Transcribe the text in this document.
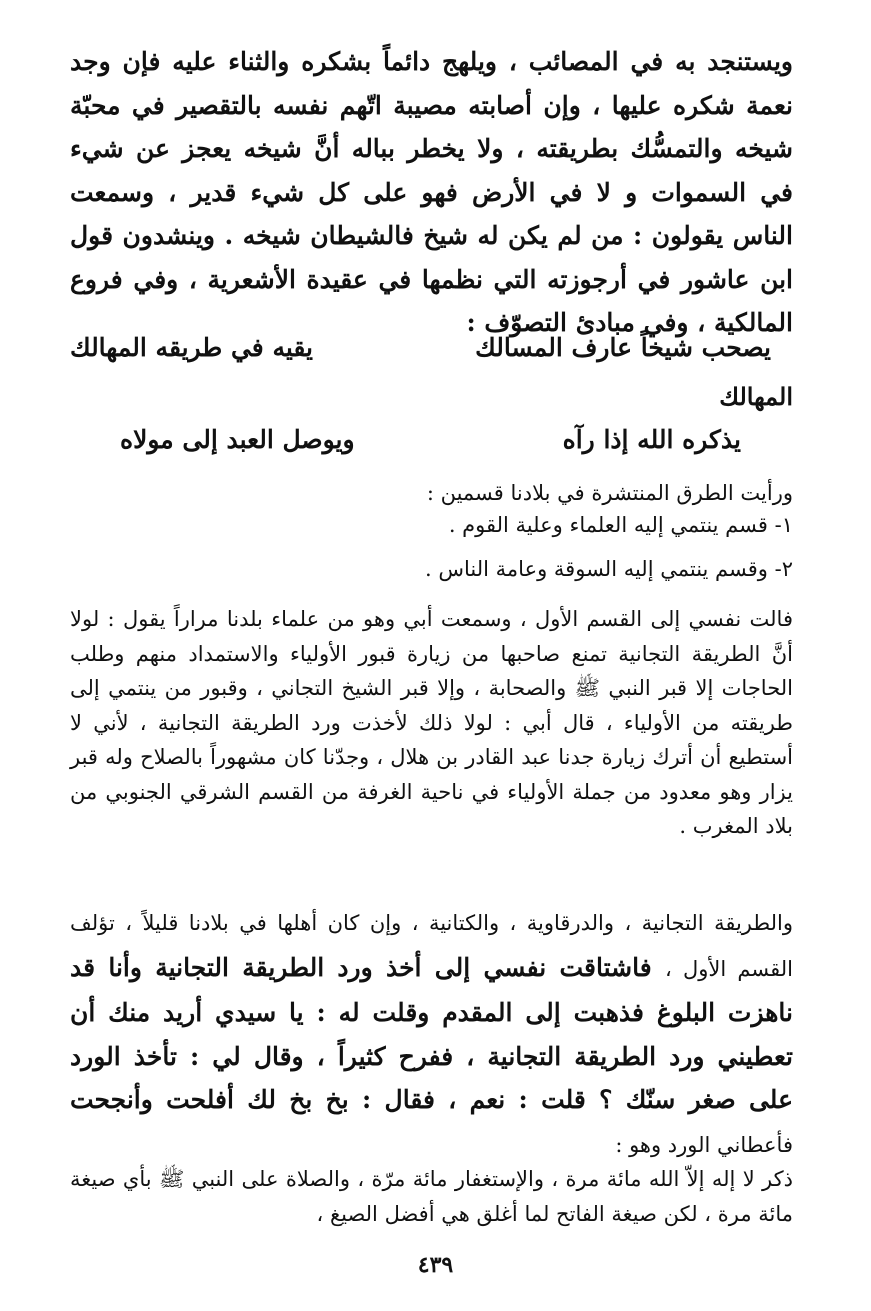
ويستنجد به في المصائب ، ويلهج دائماً بشكره والثناء عليه فإن وجد نعمة شكره عليها ، وإن أصابته مصيبة اتّهم نفسه بالتقصير في محبّة شيخه والتمسُّك بطريقته ، ولا يخطر بباله أنَّ شيخه يعجز عن شيء في السموات و لا في الأرض فهو على كل شيء قدير ، وسمعت الناس يقولون : من لم يكن له شيخ فالشيطان شيخه . وينشدون قول ابن عاشور في أرجوزته التي نظمها في عقيدة الأشعرية ، وفي فروع المالكية ، وفي مبادئ التصوّف :
يصحب شيخاً عارف المسالك
يقيه في طريقه المهالك
المهالك
يذكره الله إذا رآه
ويوصل العبد إلى مولاه
ورأيت الطرق المنتشرة في بلادنا قسمين :
١- قسم ينتمي إليه العلماء وعلية القوم .
٢- وقسم ينتمي إليه السوقة وعامة الناس .
فالت نفسي إلى القسم الأول ، وسمعت أبي وهو من علماء بلدنا مراراً يقول : لولا أنَّ الطريقة التجانية تمنع صاحبها من زيارة قبور الأولياء والاستمداد منهم وطلب الحاجات إلا قبر النبي ﷺ والصحابة ، وإلا قبر الشيخ التجاني ، وقبور من ينتمي إلى طريقته من الأولياء ، قال أبي : لولا ذلك لأخذت ورد الطريقة التجانية ، لأني لا أستطيع أن أترك زيارة جدنا عبد القادر بن هلال ، وجدّنا كان مشهوراً بالصلاح وله قبر يزار وهو معدود من جملة الأولياء في ناحية الغرفة من القسم الشرقي الجنوبي من بلاد المغرب .
والطريقة التجانية ، والدرقاوية ، والكتانية ، وإن كان أهلها في بلادنا قليلاً ، تؤلف القسم الأول ، فاشتاقت نفسي إلى أخذ ورد الطريقة التجانية وأنا قد ناهزت البلوغ فذهبت إلى المقدم وقلت له : يا سيدي أريد منك أن تعطيني ورد الطريقة التجانية ، ففرح كثيراً ، وقال لي : تأخذ الورد على صغر سنّك ؟ قلت : نعم ، فقال : بخ بخ لك أفلحت وأنجحت فأعطاني الورد وهو :
ذكر لا إله إلاّ الله مائة مرة ، والإستغفار مائة مرّة ، والصلاة على النبي ﷺ بأي صيغة مائة مرة ، لكن صيغة الفاتح لما أغلق هي أفضل الصيغ ،
٤٣٩
